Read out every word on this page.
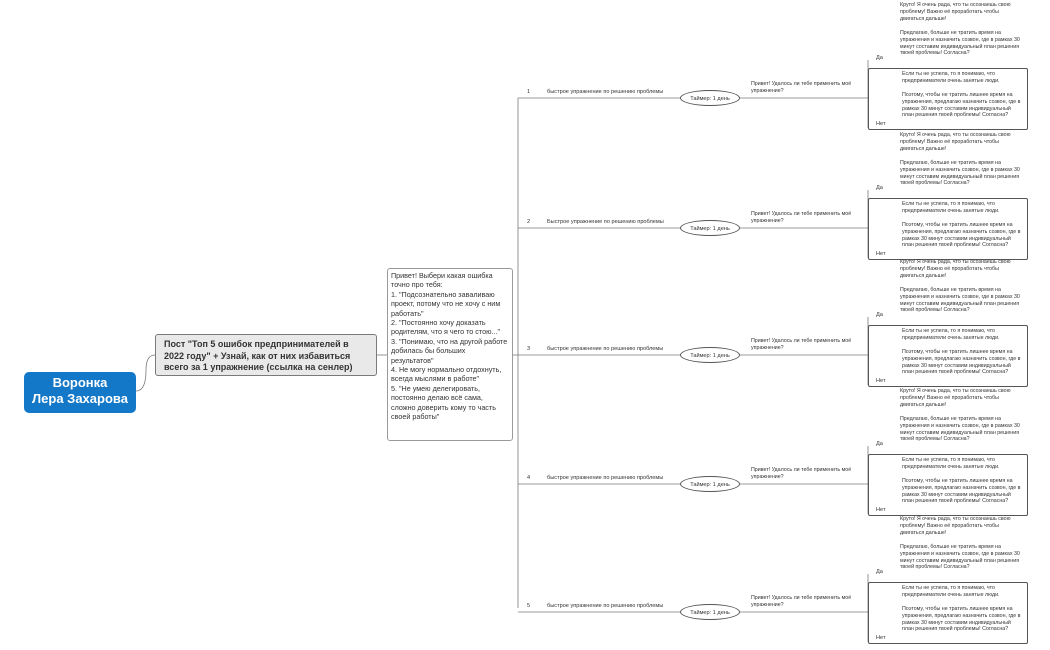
Воронка
Лера Захарова
Пост "Топ 5 ошибок предпринимателей в 2022 году" + Узнай, как от них избавиться всего за 1 упражнение (ссылка на сенлер)
Привет! Выбери какая ошибка точно про тебя:
1. "Подсознательно заваливаю проект, потому что не хочу с ним работать"
2. "Постоянно хочу доказать родителям, что я чего то стою..."
3. "Понимаю, что на другой работе добилась бы больших результатов"
4. Не могу нормально отдохнуть, всегда мыслями в работе"
5. "Не умею делегировать, постоянно делаю всё сама, сложно доверить кому то часть своей работы"
1	быстрое упражнение по решению проблемы
Таймер: 1 день
Привет! Удалось ли тебе применить моё упражнение?
Да
Круто! Я очень рада, что ты осознаешь свою проблему! Важно её проработать чтобы двигаться дальше!
Предлагаю, больше не тратить время на упражнения и назначить созвон, где в рамках 30 минут составим индивидуальный план решения твоей проблемы! Согласна?
Нет
Если ты не успела, то я понимаю, что предприниматели очень занятые люди.
Поэтому, чтобы не тратить лишнее время на упражнения, предлагаю назначить созвон, где в рамках 30 минут составим индивидуальный план решения твоей проблемы! Согласна?
2	Быстрое упражнение по решению проблемы
Таймер: 1 день
Привет! Удалось ли тебе применить моё упражнение?
Да
Круто! Я очень рада, что ты осознаешь свою проблему! Важно её проработать чтобы двигаться дальше!
Предлагаю, больше не тратить время на упражнения и назначить созвон, где в рамках 30 минут составим индивидуальный план решения твоей проблемы! Согласна?
Нет
Если ты не успела, то я понимаю, что предприниматели очень занятые люди.
Поэтому, чтобы не тратить лишнее время на упражнения, предлагаю назначить созвон, где в рамках 30 минут составим индивидуальный план решения твоей проблемы! Согласна?
3	быстрое упражнение по решению проблемы
Таймер: 1 день
Привет! Удалось ли тебе применить моё упражнение?
Да
Круто! Я очень рада, что ты осознаешь свою проблему! Важно её проработать чтобы двигаться дальше!
Предлагаю, больше не тратить время на упражнения и назначить созвон, где в рамках 30 минут составим индивидуальный план решения твоей проблемы! Согласна?
Нет
Если ты не успела, то я понимаю, что предприниматели очень занятые люди.
Поэтому, чтобы не тратить лишнее время на упражнения, предлагаю назначить созвон, где в рамках 30 минут составим индивидуальный план решения твоей проблемы! Согласна?
4	быстрое упражнение по решению проблемы
Таймер: 1 день
Привет! Удалось ли тебе применить моё упражнение?
Да
Круто! Я очень рада, что ты осознаешь свою проблему! Важно её проработать чтобы двигаться дальше!
Предлагаю, больше не тратить время на упражнения и назначить созвон, где в рамках 30 минут составим индивидуальный план решения твоей проблемы! Согласна?
Нет
Если ты не успела, то я понимаю, что предприниматели очень занятые люди.
Поэтому, чтобы не тратить лишнее время на упражнения, предлагаю назначить созвон, где в рамках 30 минут составим индивидуальный план решения твоей проблемы! Согласна?
5	быстрое упражнение по решению проблемы
Таймер: 1 день
Привет! Удалось ли тебе применить моё упражнение?
Да
Круто! Я очень рада, что ты осознаешь свою проблему! Важно её проработать чтобы двигаться дальше!
Предлагаю, больше не тратить время на упражнения и назначить созвон, где в рамках 30 минут составим индивидуальный план решения твоей проблемы! Согласна?
Нет
Если ты не успела, то я понимаю, что предприниматели очень занятые люди.
Поэтому, чтобы не тратить лишнее время на упражнения, предлагаю назначить созвон, где в рамках 30 минут составим индивидуальный план решения твоей проблемы! Согласна?
